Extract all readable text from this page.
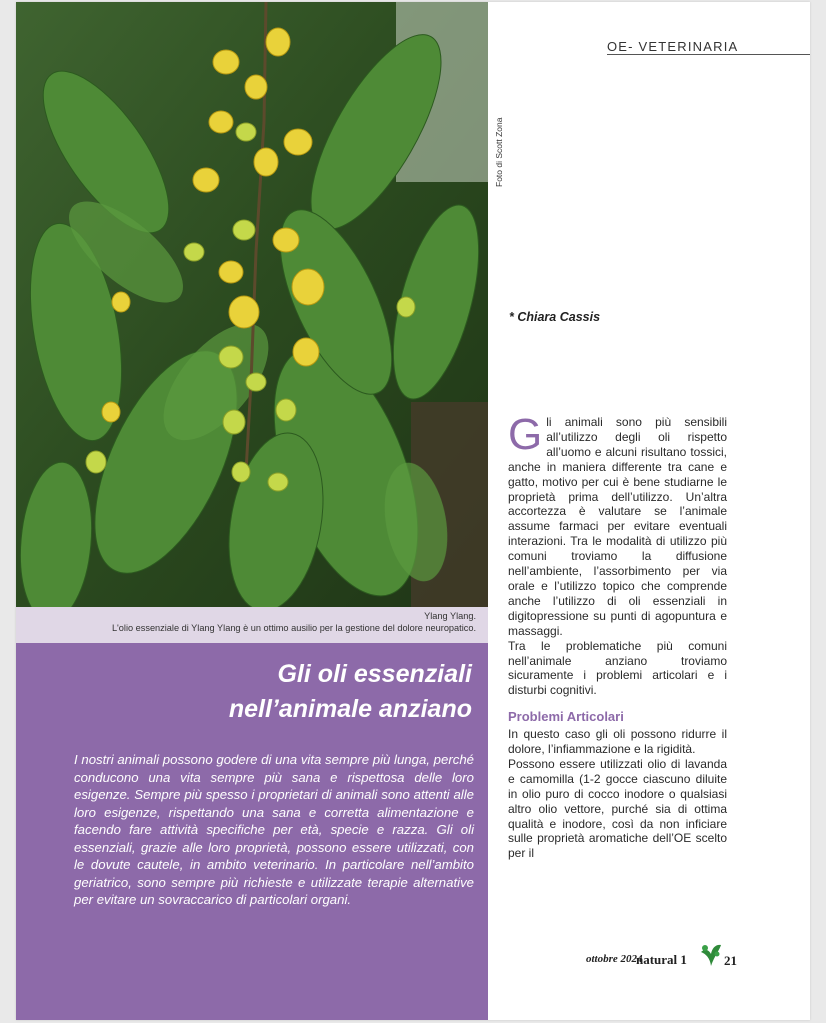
Foto di Scott Zona
Ylang Ylang.
L'olio essenziale di Ylang Ylang è un ottimo ausilio per la gestione del dolore neuropatico.
Gli oli essenziali
nell’animale anziano
I nostri animali possono godere di una vita sempre più lunga, perché conducono una vita sempre più sana e rispettosa delle loro esigenze. Sempre più spesso i proprietari di animali sono attenti alle loro esigenze, rispettando una sana e corretta alimentazione e facendo fare attività specifiche per età, specie e razza. Gli oli essenziali, grazie alle loro proprietà, possono essere utilizzati, con le dovute cautele, in ambito veterinario. In particolare nell’ambito geriatrico, sono sempre più richieste e utilizzate terapie alternative per evitare un sovraccarico di particolari organi.
OE- VETERINARIA
* Chiara Cassis

Gli animali sono più sensibili all’utilizzo degli oli rispetto all’uomo e alcuni risultano tossici, anche in maniera differente tra cane e gatto, motivo per cui è bene studiarne le proprietà prima dell’utilizzo. Un’altra accortezza è valutare se l’animale assume farmaci per evitare eventuali interazioni. Tra le modalità di utilizzo più comuni troviamo la diffusione nell’ambiente, l’assorbimento per via orale e l’utilizzo topico che comprende anche l’utilizzo di oli essenziali in digitopressione su punti di agopuntura e massaggi.

Tra le problematiche più comuni nell’animale anziano troviamo sicuramente i problemi articolari e i disturbi cognitivi.

Problemi Articolari

In questo caso gli oli possono ridurre il dolore, l’infiammazione e la rigidità.

Possono essere utilizzati olio di lavanda e camomilla (1-2 gocce ciascuno diluite in olio puro di cocco inodore o qualsiasi altro olio vettore, purché sia di ottima qualità e inodore, così da non inficiare sulle proprietà aromatiche dell’OE scelto per il

ottobre 2024
natural 1	21
